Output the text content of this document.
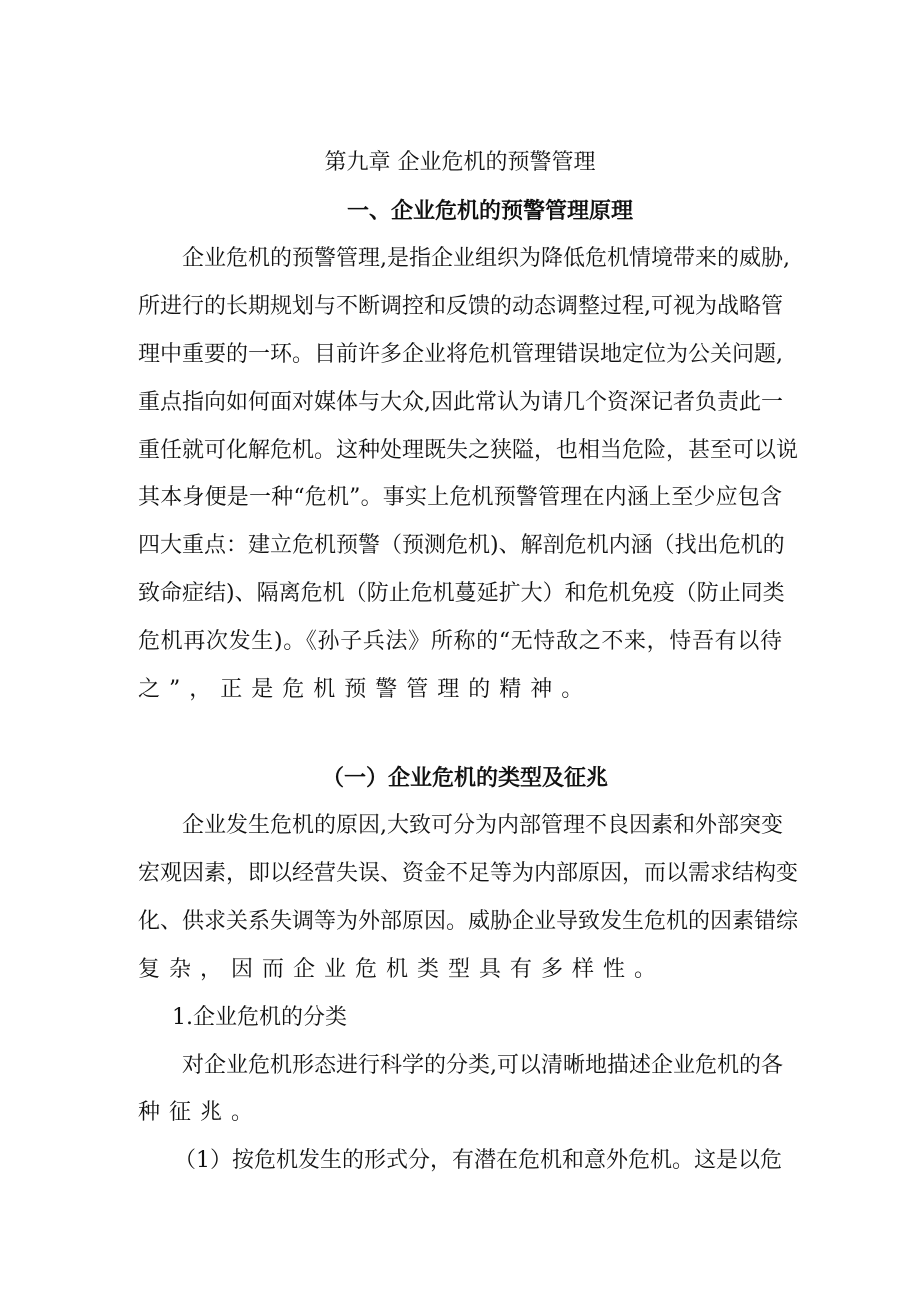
第九章 企业危机的预警管理
一、企业危机的预警管理原理
企业危机的预警管理,是指企业组织为降低危机情境带来的威胁,
所进行的长期规划与不断调控和反馈的动态调整过程,可视为战略管
理中重要的一环。目前许多企业将危机管理错误地定位为公关问题,
重点指向如何面对媒体与大众,因此常认为请几个资深记者负责此一
重任就可化解危机。这种处理既失之狭隘，也相当危险，甚至可以说
其本身便是一种“危机”。事实上危机预警管理在内涵上至少应包含
四大重点：建立危机预警（预测危机)、解剖危机内涵（找出危机的
致命症结)、隔离危机（防止危机蔓延扩大）和危机免疫（防止同类
危机再次发生)。《孙子兵法》所称的“无恃敌之不来，恃吾有以待
之”，正是危机预警管理的精神。
（一）企业危机的类型及征兆
企业发生危机的原因,大致可分为内部管理不良因素和外部突变
宏观因素，即以经营失误、资金不足等为内部原因，而以需求结构变
化、供求关系失调等为外部原因。威胁企业导致发生危机的因素错综
复杂，因而企业危机类型具有多样性。
1.企业危机的分类
对企业危机形态进行科学的分类,可以清晰地描述企业危机的各
种征兆。
（1）按危机发生的形式分，有潜在危机和意外危机。这是以危
